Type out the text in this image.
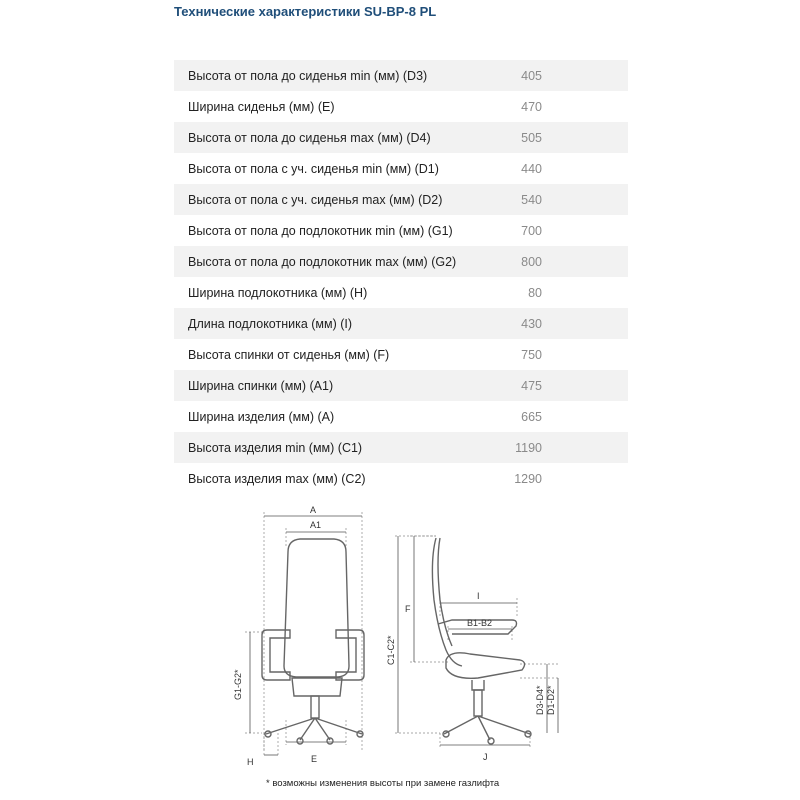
Технические характеристики SU-BP-8 PL
Высота от пола до сиденья min (мм) (D3)	405
Ширина сиденья (мм) (E)	470
Высота от пола до сиденья max (мм) (D4)	505
Высота от пола с уч. сиденья min (мм) (D1)	440
Высота от пола с уч. сиденья max (мм) (D2)	540
Высота от пола до подлокотник min (мм) (G1)	700
Высота от пола до подлокотник max (мм) (G2)	800
Ширина подлокотника (мм) (H)	80
Длина подлокотника (мм) (I)	430
Высота спинки от сиденья (мм) (F)	750
Ширина спинки (мм) (A1)	475
Ширина изделия (мм) (A)	665
Высота изделия min (мм) (C1)	1190
Высота изделия max (мм) (C2)	1290
A
A1
G1-G2*
H	E
F
C1-C2*
I
B1-B2
D3-D4* D1-D2*
J
* возможны изменения высоты при замене газлифта
